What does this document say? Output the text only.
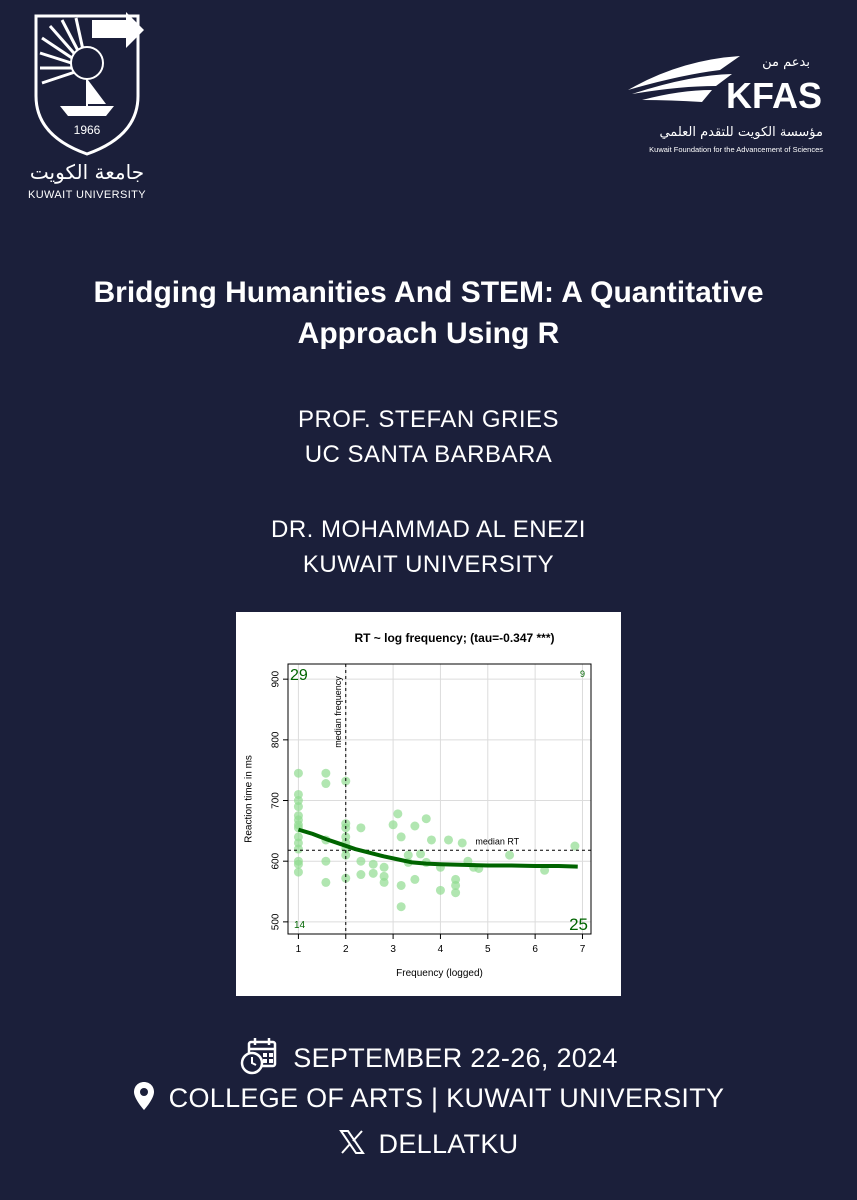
1966
جامعة الكويت
KUWAIT UNIVERSITY
بدعم من
KFAS
مؤسسة الكويت للتقدم العلمي
Kuwait Foundation for the Advancement of Sciences
Bridging Humanities And STEM: A Quantitative
Approach Using R
PROF. STEFAN GRIES
UC SANTA BARBARA
DR. MOHAMMAD AL ENEZI
KUWAIT UNIVERSITY
RT ~ log frequency; (tau=-0.347 ***)
1	2	3	4	5	6	7
500
600
700
800
900
Frequency (logged)
Reaction time in ms
median frequency
median RT
29	9
14	25
SEPTEMBER 22-26, 2024
COLLEGE OF ARTS | KUWAIT UNIVERSITY
DELLATKU
